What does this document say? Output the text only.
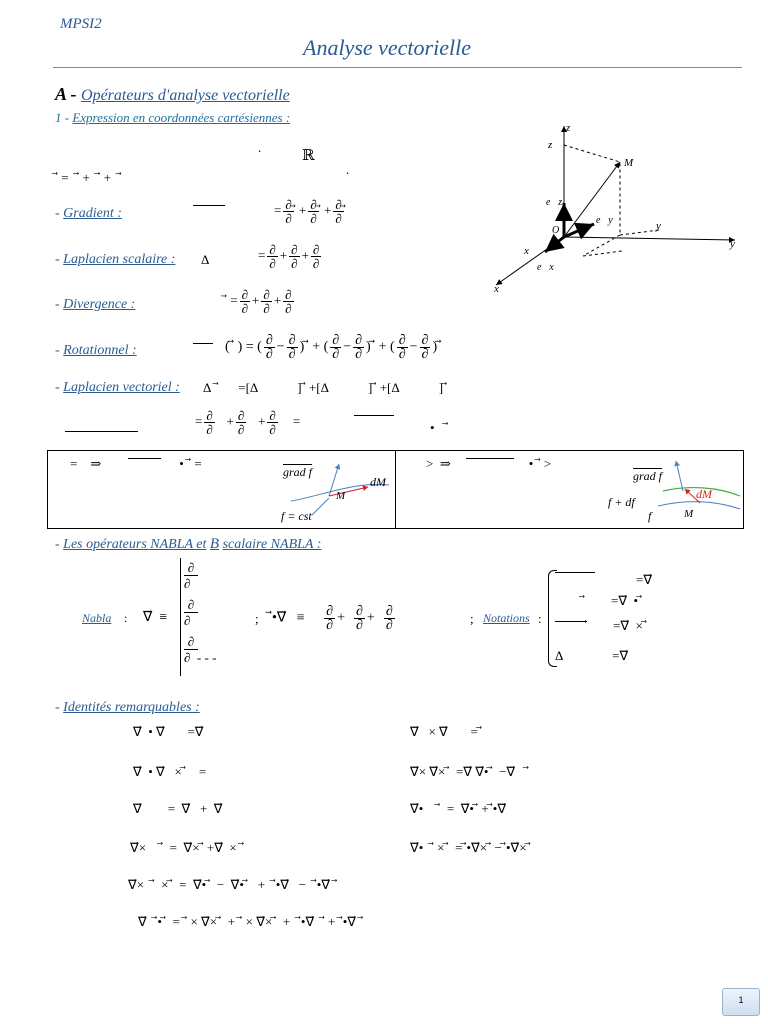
MPSI2
Analyse vectorielle
A - Opérateurs d'analyse vectorielle
1 - Expression en coordonnées cartésiennes :
.
ℝ
.
⃗ =   ⃗ +   ⃗ +   ⃗
- Gradient :	= $\frac{\partial}{\partial}$ ⃗ + $\frac{\partial}{\partial}$ ⃗ + $\frac{\partial}{\partial}$
- Laplacien scalaire : Δ	= $\frac{\partial}{\partial} + \frac{\partial}{\partial} + \frac{\partial}{\partial}$
- Divergence :	⃗ = $\frac{\partial}{\partial} + \frac{\partial}{\partial} + \frac{\partial}{\partial}$
- Rotationnel :	( ⃗ ) = ( $\frac{\partial}{\partial} - \frac{\partial}{\partial}$ ) ⃗ + ( $\frac{\partial}{\partial} - \frac{\partial}{\partial}$ ) ⃗ + ( $\frac{\partial}{\partial} - \frac{\partial}{\partial}$ ) ⃗
- Laplacien vectoriel : Δ  ⃗      =[Δ            ] ⃗ +[Δ            ] ⃗ +[Δ            ] ⃗
= $\frac{\partial}{\partial} + \frac{\partial}{\partial} + \frac{\partial}{\partial}$ =	•    ⃗
z
z
y
y
x
x
M
O
e⃗z
e⃗y
e⃗x
=    ⇒                        •  ⃗ =
grad f
dM⃗
M
f = cst
>  ⇒                        •  ⃗ >
grad f
f + df
f
dM⃗
M
- Les opérateurs NABLA et B scalaire NABLA :
Nabla : ∇⃗  ≡
∂
∂
∂
∂
∂
∂  - - -
; ⃗•∇⃗   ≡ $\frac{\partial}{\partial} + \frac{\partial}{\partial} + \frac{\partial}{\partial}$	; Notations :
=∇⃗
⃗        =∇⃗  • ⃗
⃗        =∇⃗  × ⃗
Δ               =∇⃗
- Identités remarquables :
∇⃗  • ∇⃗       =∇⃗	∇⃗   × ∇⃗       = ⃗
∇⃗  • ∇⃗   × ⃗    =	∇⃗× ∇⃗× ⃗  =∇⃗ ∇⃗• ⃗  −∇⃗    ⃗
∇⃗        =  ∇⃗   +  ∇⃗	∇⃗•     ⃗  =  ∇⃗• ⃗ + ⃗•∇⃗
∇⃗×     ⃗  =  ∇⃗× ⃗ +∇⃗  ×  ⃗	∇⃗•   ⃗ × ⃗  = ⃗•∇⃗× ⃗ − ⃗•∇⃗× ⃗
∇⃗×   ⃗  × ⃗  =  ∇⃗• ⃗  −  ∇⃗• ⃗   +   ⃗•∇⃗   −   ⃗•∇⃗  ⃗
∇⃗   ⃗• ⃗  =  ⃗ × ∇⃗× ⃗  +  ⃗ × ∇⃗× ⃗  +   ⃗•∇⃗   ⃗ +  ⃗•∇⃗  ⃗
1
